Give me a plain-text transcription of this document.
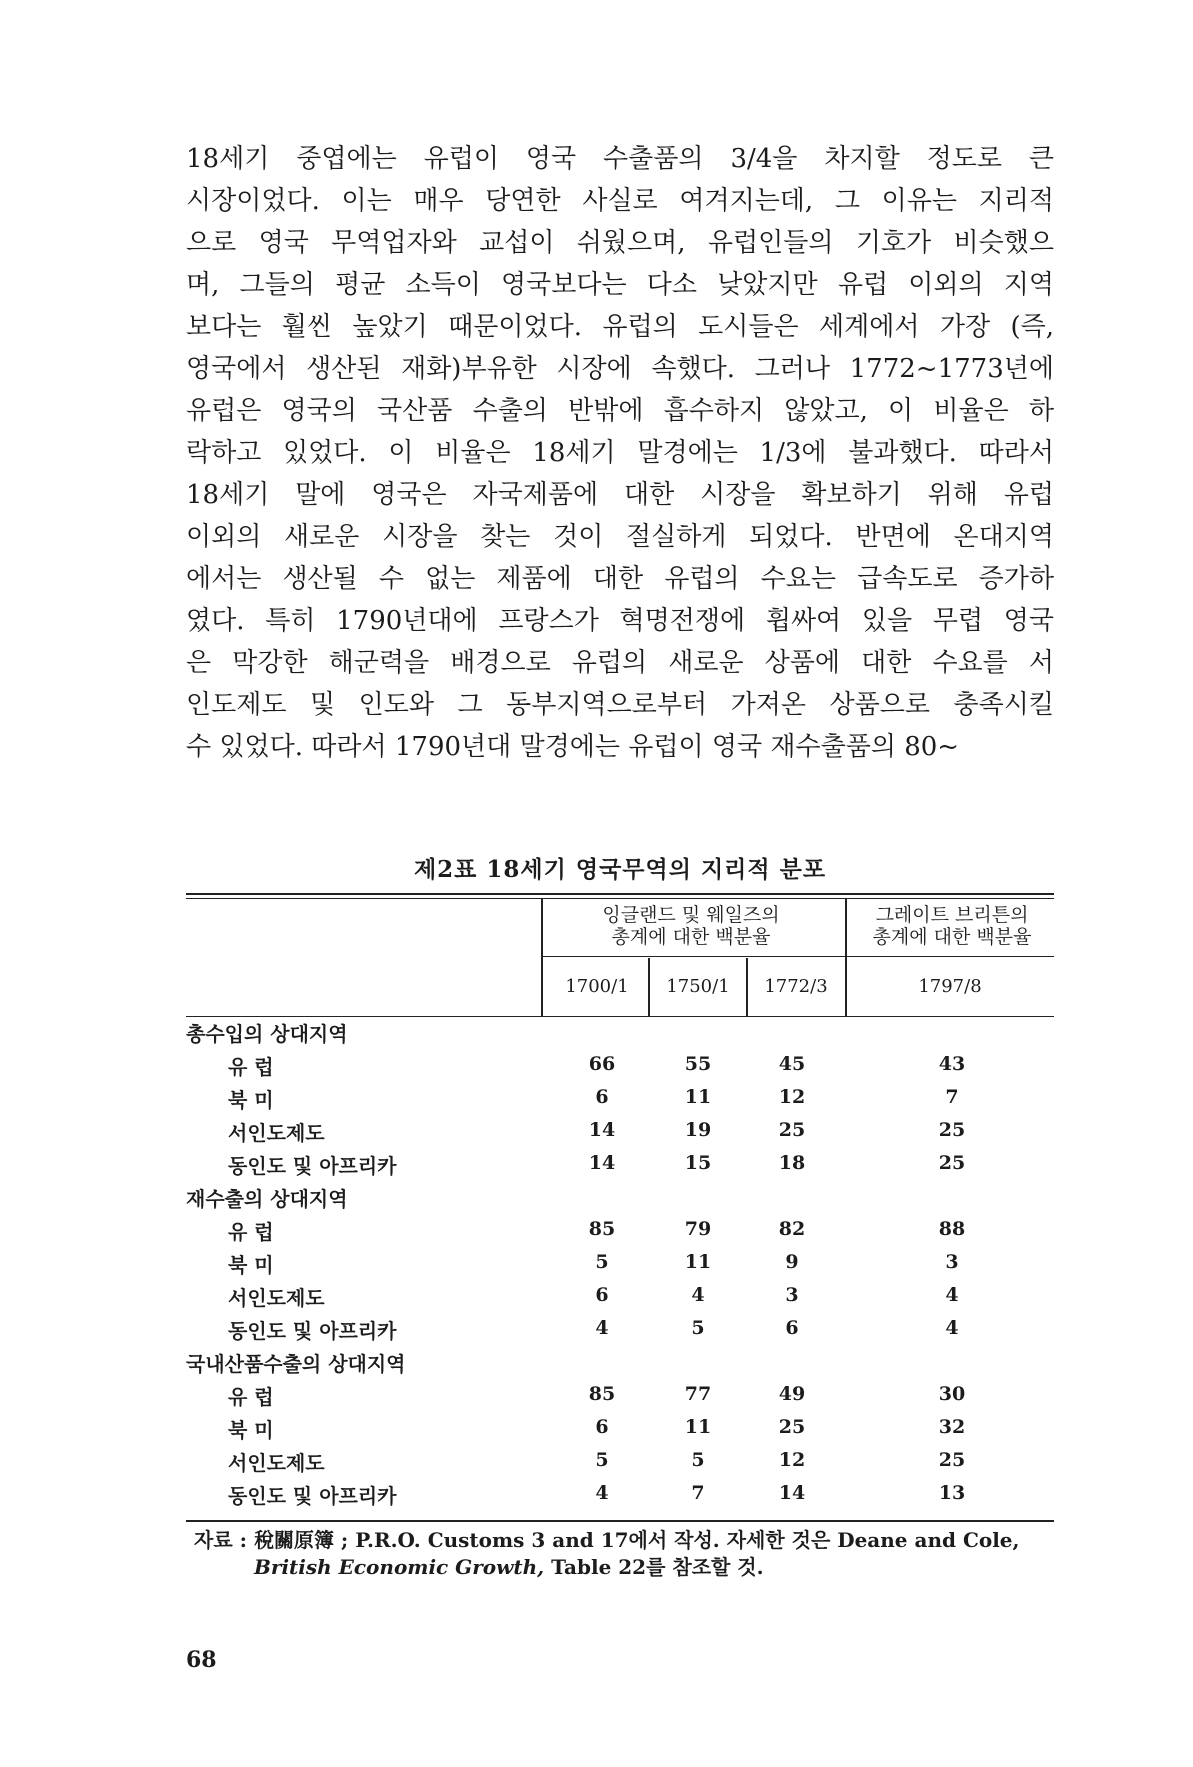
18세기 중엽에는 유럽이 영국 수출품의 3/4을 차지할 정도로 큰
시장이었다. 이는 매우 당연한 사실로 여겨지는데, 그 이유는 지리적
으로 영국 무역업자와 교섭이 쉬웠으며, 유럽인들의 기호가 비슷했으
며, 그들의 평균 소득이 영국보다는 다소 낮았지만 유럽 이외의 지역
보다는 훨씬 높았기 때문이었다. 유럽의 도시들은 세계에서 가장 (즉,
영국에서 생산된 재화)부유한 시장에 속했다. 그러나 1772~1773년에
유럽은 영국의 국산품 수출의 반밖에 흡수하지 않았고, 이 비율은 하
락하고 있었다. 이 비율은 18세기 말경에는 1/3에 불과했다. 따라서
18세기 말에 영국은 자국제품에 대한 시장을 확보하기 위해 유럽
이외의 새로운 시장을 찾는 것이 절실하게 되었다. 반면에 온대지역
에서는 생산될 수 없는 제품에 대한 유럽의 수요는 급속도로 증가하
였다. 특히 1790년대에 프랑스가 혁명전쟁에 휩싸여 있을 무렵 영국
은 막강한 해군력을 배경으로 유럽의 새로운 상품에 대한 수요를 서
인도제도 및 인도와 그 동부지역으로부터 가져온 상품으로 충족시킬
수 있었다. 따라서 1790년대 말경에는 유럽이 영국 재수출품의 80~
제2표 18세기 영국무역의 지리적 분포
잉글랜드 및 웨일즈의
총계에 대한 백분율
그레이트 브리튼의
총계에 대한 백분율
1700/1	1750/1	1772/3	1797/8
총수입의 상대지역
유 럽	66	55	45	43
북 미	6	11	12	7
서인도제도	14	19	25	25
동인도 및 아프리카	14	15	18	25
재수출의 상대지역
유 럽	85	79	82	88
북 미	5	11	9	3
서인도제도	6	4	3	4
동인도 및 아프리카	4	5	6	4
국내산품수출의 상대지역
유 럽	85	77	49	30
북 미	6	11	25	32
서인도제도	5	5	12	25
동인도 및 아프리카	4	7	14	13
자료 : 稅關原簿 ; P.R.O. Customs 3 and 17에서 작성. 자세한 것은 Deane and Cole,
British Economic Growth, Table 22를 참조할 것.
68
